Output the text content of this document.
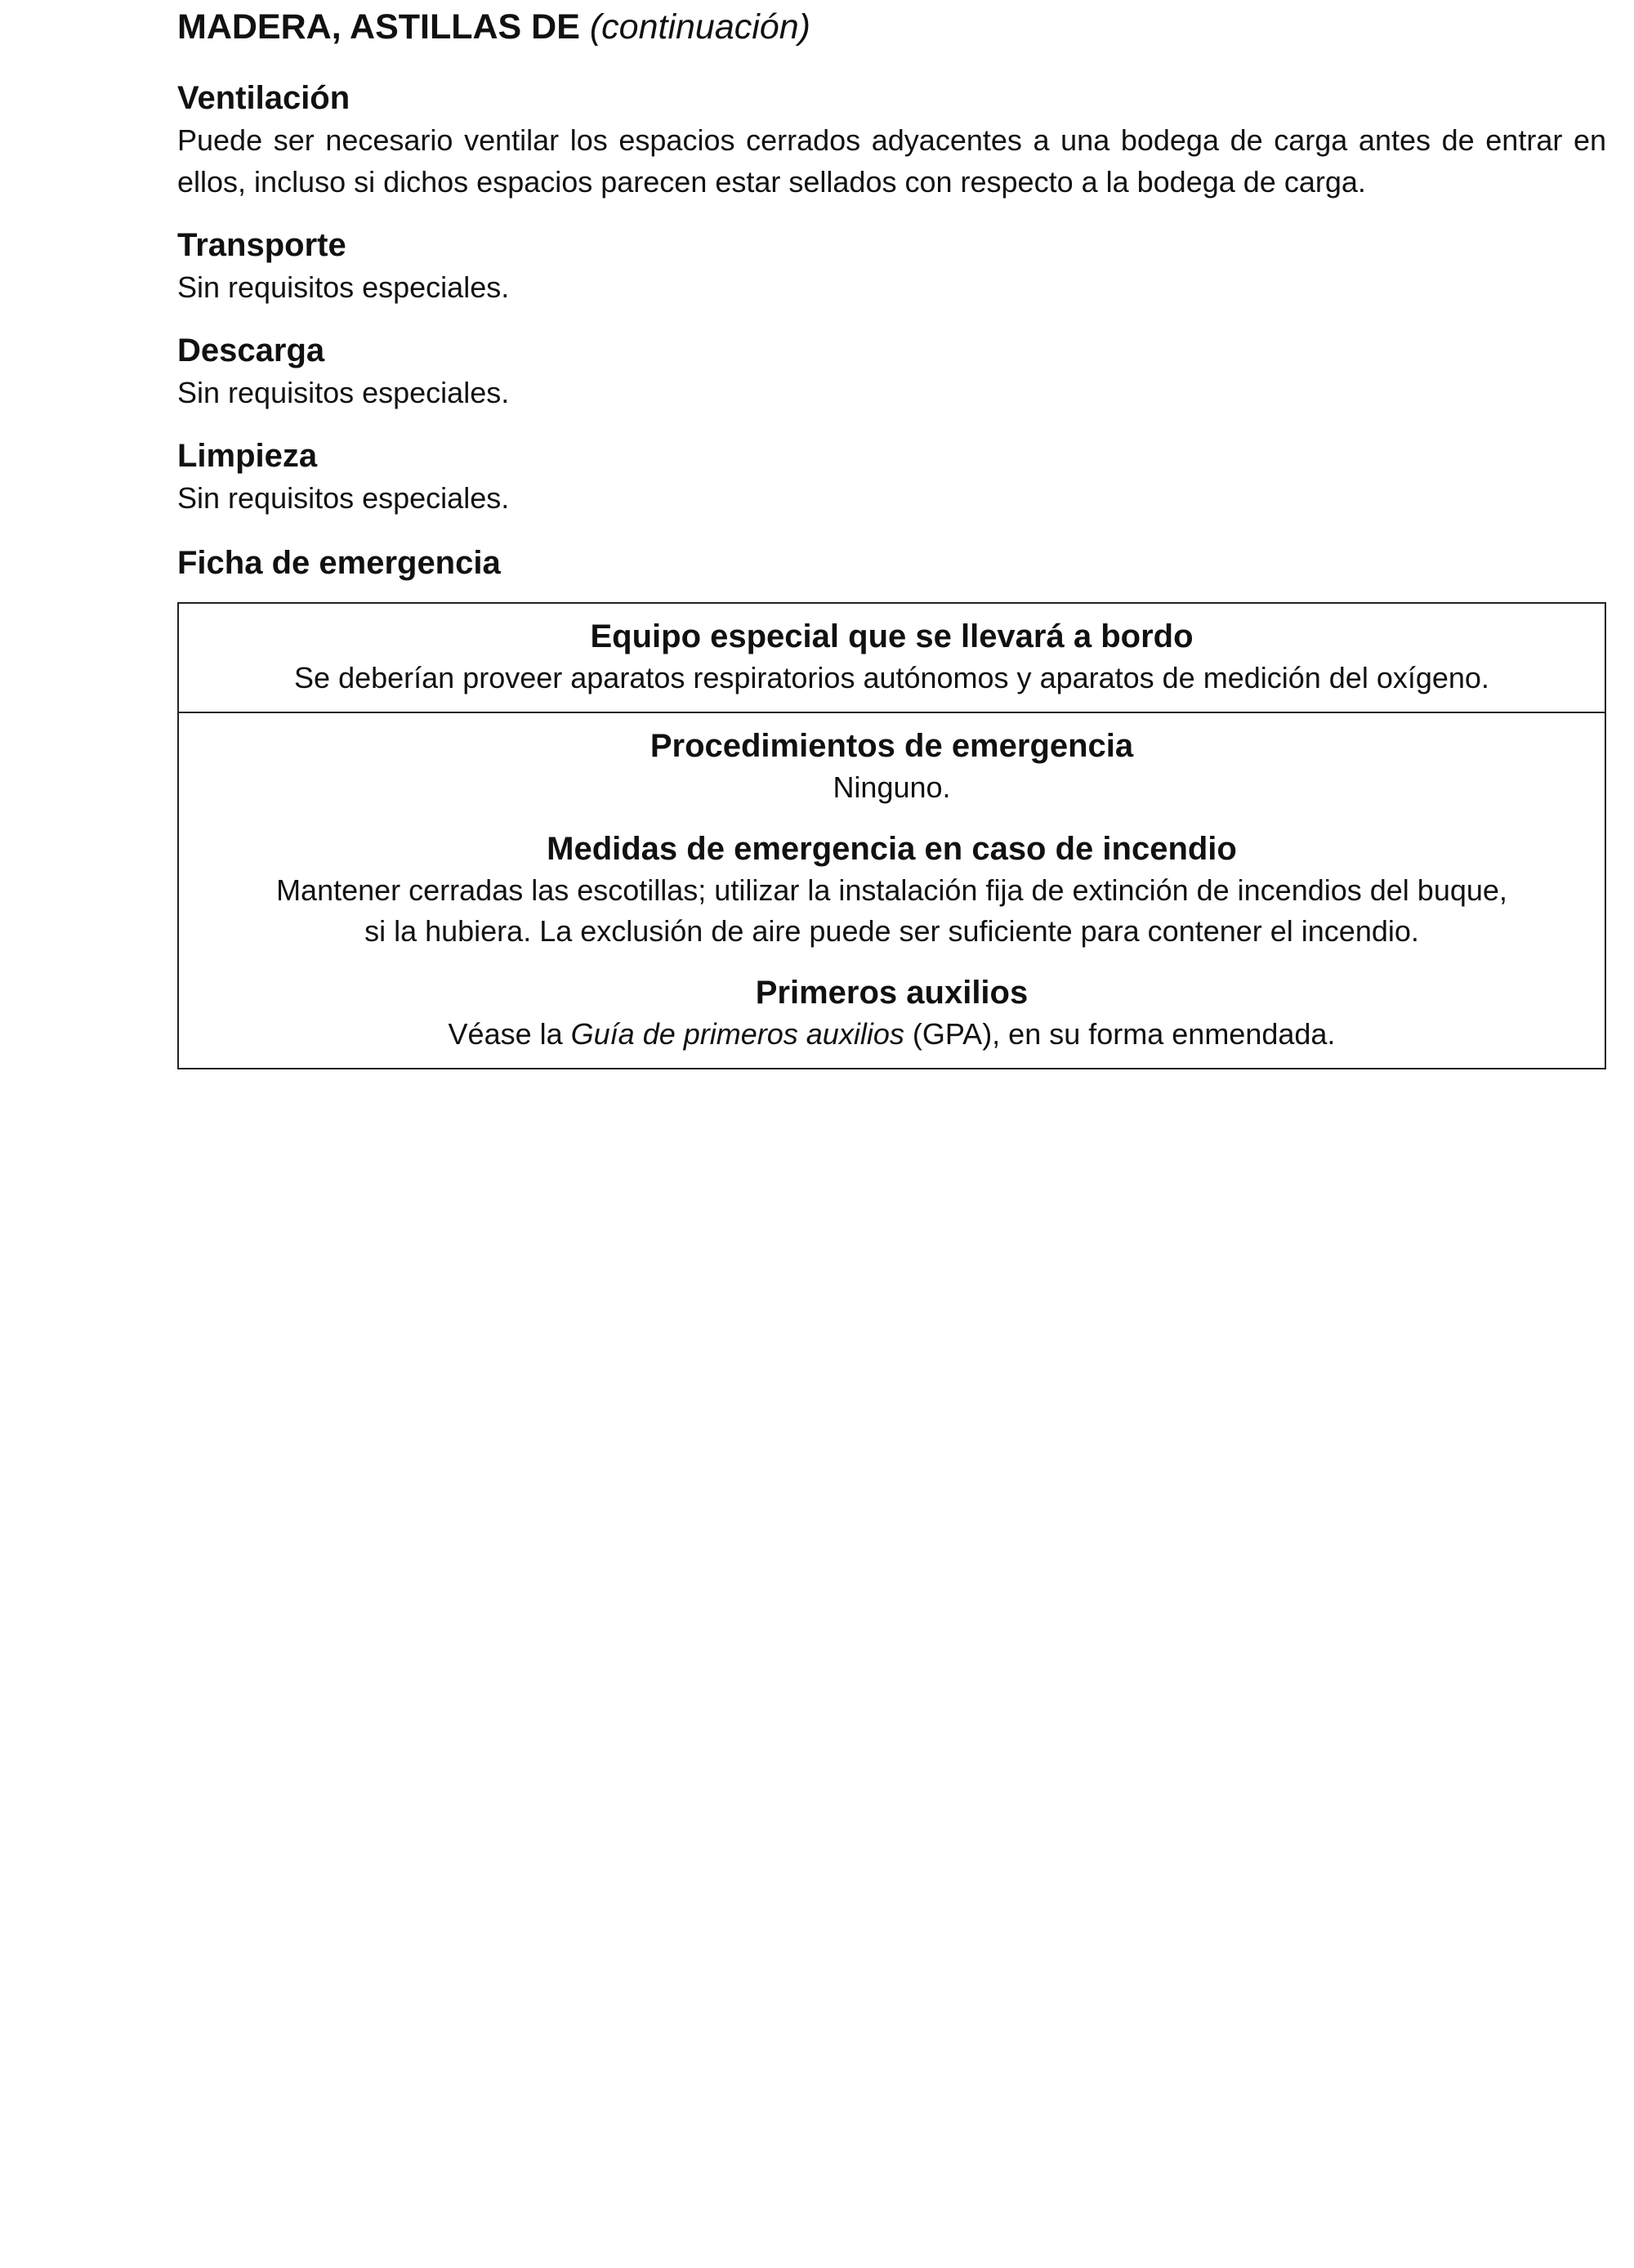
MADERA, ASTILLAS DE (continuación)
Ventilación

Puede ser necesario ventilar los espacios cerrados adyacentes a una bodega de carga antes de entrar en ellos, incluso si dichos espacios parecen estar sellados con respecto a la bodega de carga.

Transporte

Sin requisitos especiales.

Descarga

Sin requisitos especiales.

Limpieza

Sin requisitos especiales.

Ficha de emergencia
Equipo especial que se llevará a bordo

Se deberían proveer aparatos respiratorios autónomos y aparatos de medición del oxígeno.

Procedimientos de emergencia

Ninguno.

Medidas de emergencia en caso de incendio

Mantener cerradas las escotillas; utilizar la instalación fija de extinción de incendios del buque,

si la hubiera. La exclusión de aire puede ser suficiente para contener el incendio.

Primeros auxilios

Véase la Guía de primeros auxilios (GPA), en su forma enmendada.
